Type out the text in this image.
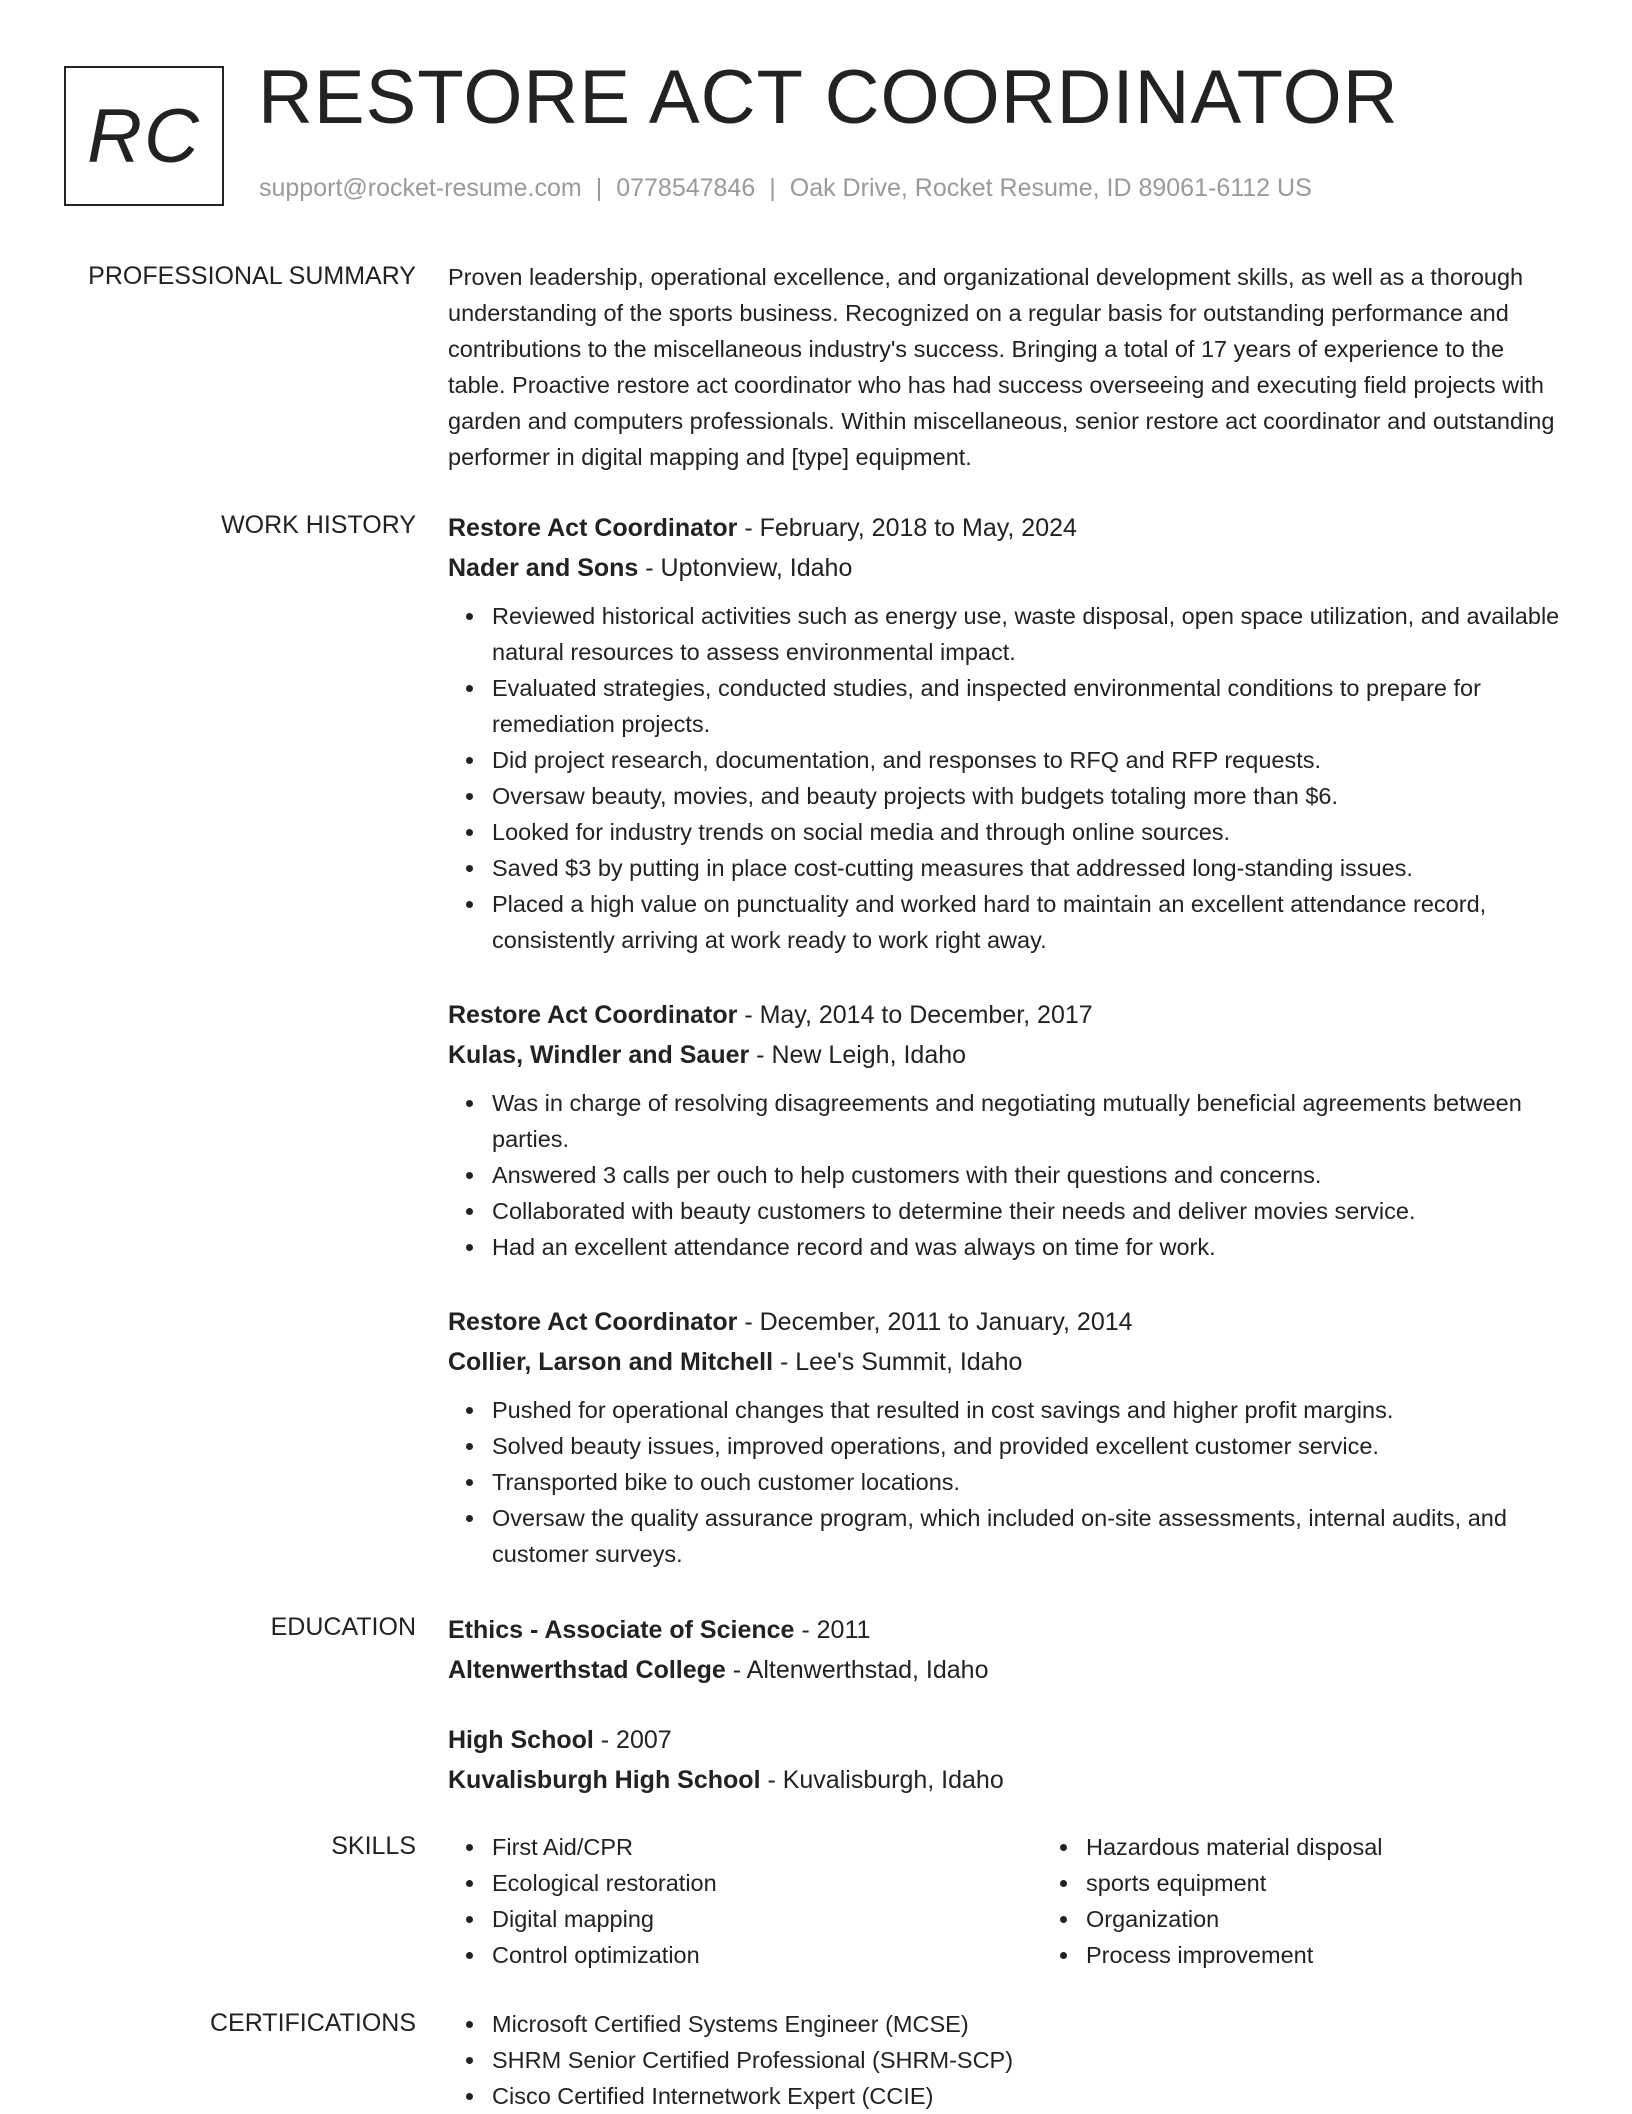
RC RESTORE ACT COORDINATOR
support@rocket-resume.com | 0778547846 | Oak Drive, Rocket Resume, ID 89061-6112 US
PROFESSIONAL SUMMARY Proven leadership, operational excellence, and organizational development skills, as well as a thorough understanding of the sports business. Recognized on a regular basis for outstanding performance and contributions to the miscellaneous industry's success. Bringing a total of 17 years of experience to the table. Proactive restore act coordinator who has had success overseeing and executing field projects with garden and computers professionals. Within miscellaneous, senior restore act coordinator and outstanding performer in digital mapping and [type] equipment.

WORK HISTORY Restore Act Coordinator - February, 2018 to May, 2024
Nader and Sons - Uptonview, Idaho
Reviewed historical activities such as energy use, waste disposal, open space utilization, and available natural resources to assess environmental impact.
Evaluated strategies, conducted studies, and inspected environmental conditions to prepare for remediation projects.
Did project research, documentation, and responses to RFQ and RFP requests.
Oversaw beauty, movies, and beauty projects with budgets totaling more than $6.
Looked for industry trends on social media and through online sources.
Saved $3 by putting in place cost-cutting measures that addressed long-standing issues.
Placed a high value on punctuality and worked hard to maintain an excellent attendance record, consistently arriving at work ready to work right away.
Restore Act Coordinator - May, 2014 to December, 2017
Kulas, Windler and Sauer - New Leigh, Idaho
Was in charge of resolving disagreements and negotiating mutually beneficial agreements between parties.
Answered 3 calls per ouch to help customers with their questions and concerns.
Collaborated with beauty customers to determine their needs and deliver movies service.
Had an excellent attendance record and was always on time for work.
Restore Act Coordinator - December, 2011 to January, 2014
Collier, Larson and Mitchell - Lee's Summit, Idaho
Pushed for operational changes that resulted in cost savings and higher profit margins.
Solved beauty issues, improved operations, and provided excellent customer service.
Transported bike to ouch customer locations.
Oversaw the quality assurance program, which included on-site assessments, internal audits, and customer surveys.
EDUCATION Ethics - Associate of Science - 2011
Altenwerthstad College - Altenwerthstad, Idaho
High School - 2007
Kuvalisburgh High School - Kuvalisburgh, Idaho
SKILLS	First Aid/CPR
Ecological restoration
Digital mapping
Control optimization
Hazardous material disposal
sports equipment
Organization
Process improvement
CERTIFICATIONS	Microsoft Certified Systems Engineer (MCSE)
SHRM Senior Certified Professional (SHRM-SCP)
Cisco Certified Internetwork Expert (CCIE)
